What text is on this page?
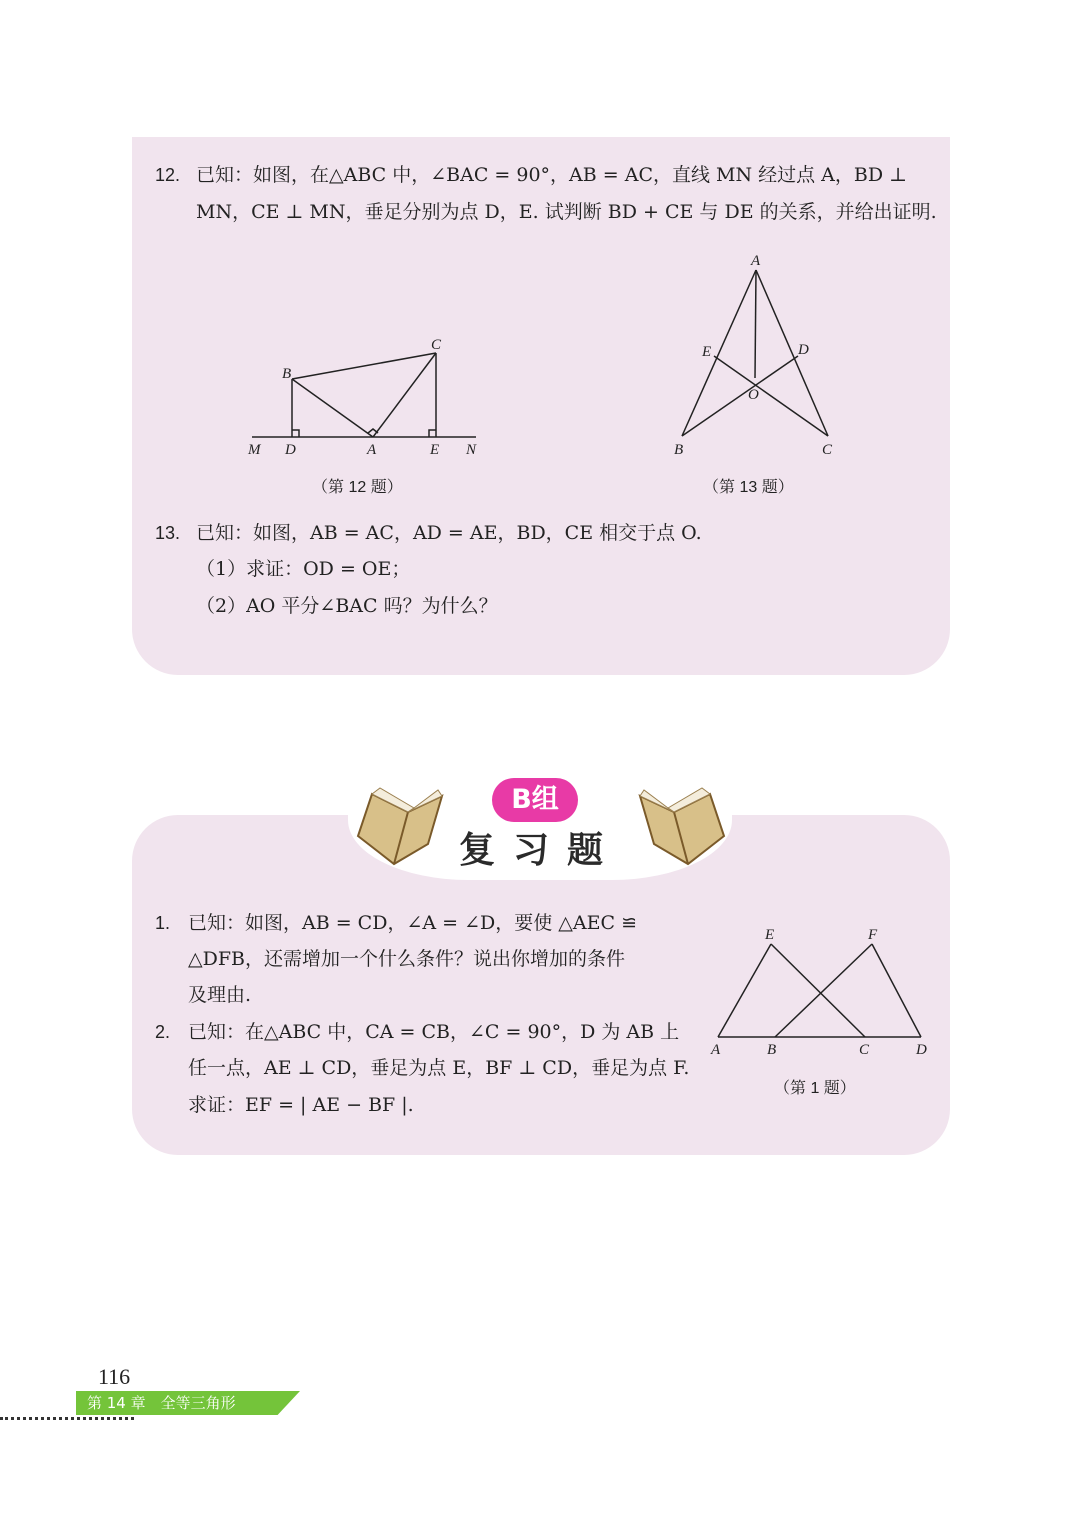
12. 已知：如图，在△ABC 中，∠BAC = 90°，AB = AC，直线 MN 经过点 A，BD ⊥
MN，CE ⊥ MN，垂足分别为点 D，E. 试判断 BD + CE 与 DE 的关系，并给出证明.
M D	A	E N
B
C
（第 12 题）
A
E	D
O
B	C
（第 13 题）
13. 已知：如图，AB = AC，AD = AE，BD，CE 相交于点 O.
（1）求证：OD = OE；
（2）AO 平分∠BAC 吗？为什么？
B组
复习题
1. 已知：如图，AB = CD，∠A = ∠D，要使 △AEC ≌
△DFB，还需增加一个什么条件？说出你增加的条件
及理由.
2. 已知：在△ABC 中，CA = CB，∠C = 90°，D 为 AB 上
任一点，AE ⊥ CD，垂足为点 E，BF ⊥ CD，垂足为点 F.
求证：EF = | AE − BF |.
E	F
A	B	C	D
（第 1 题）
116
第 14 章　全等三角形
